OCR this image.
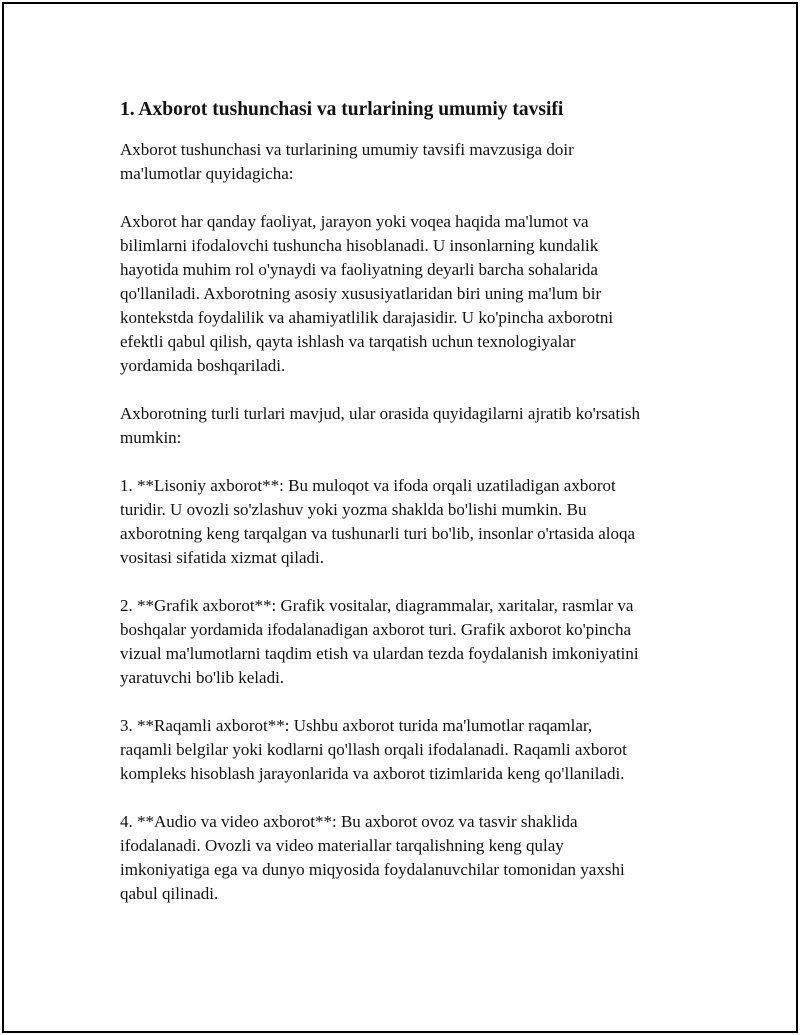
1. Axborot tushunchasi va turlarining umumiy tavsifi
Axborot tushunchasi va turlarining umumiy tavsifi mavzusiga doir
ma'lumotlar quyidagicha:
Axborot har qanday faoliyat, jarayon yoki voqea haqida ma'lumot va
bilimlarni ifodalovchi tushuncha hisoblanadi. U insonlarning kundalik
hayotida muhim rol o'ynaydi va faoliyatning deyarli barcha sohalarida
qo'llaniladi. Axborotning asosiy xususiyatlaridan biri uning ma'lum bir
kontekstda foydalilik va ahamiyatlilik darajasidir. U ko'pincha axborotni
efektli qabul qilish, qayta ishlash va tarqatish uchun texnologiyalar
yordamida boshqariladi.
Axborotning turli turlari mavjud, ular orasida quyidagilarni ajratib ko'rsatish
mumkin:
1. **Lisoniy axborot**: Bu muloqot va ifoda orqali uzatiladigan axborot
turidir. U ovozli so'zlashuv yoki yozma shaklda bo'lishi mumkin. Bu
axborotning keng tarqalgan va tushunarli turi bo'lib, insonlar o'rtasida aloqa
vositasi sifatida xizmat qiladi.
2. **Grafik axborot**: Grafik vositalar, diagrammalar, xaritalar, rasmlar va
boshqalar yordamida ifodalanadigan axborot turi. Grafik axborot ko'pincha
vizual ma'lumotlarni taqdim etish va ulardan tezda foydalanish imkoniyatini
yaratuvchi bo'lib keladi.
3. **Raqamli axborot**: Ushbu axborot turida ma'lumotlar raqamlar,
raqamli belgilar yoki kodlarni qo'llash orqali ifodalanadi. Raqamli axborot
kompleks hisoblash jarayonlarida va axborot tizimlarida keng qo'llaniladi.
4. **Audio va video axborot**: Bu axborot ovoz va tasvir shaklida
ifodalanadi. Ovozli va video materiallar tarqalishning keng qulay
imkoniyatiga ega va dunyo miqyosida foydalanuvchilar tomonidan yaxshi
qabul qilinadi.
